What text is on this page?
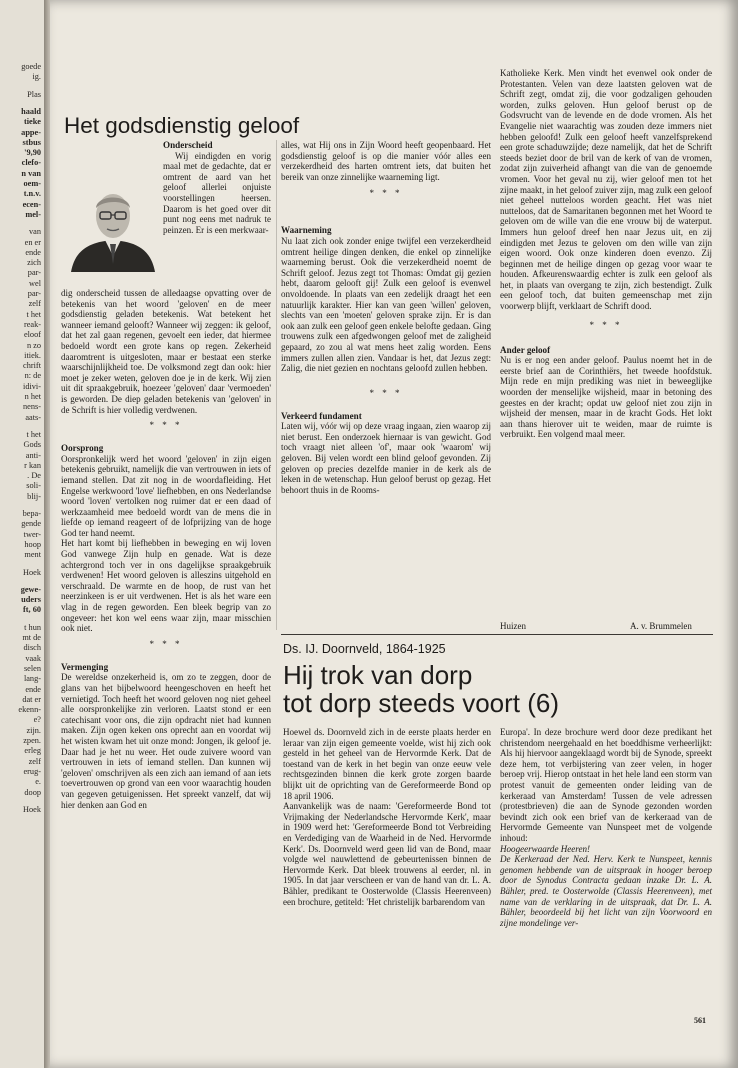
goede
ig.
Plas
haald
tieke
appe-
stbus
'9,90
clefo-
n van
oem-
t.n.v.
ecen-
mel-
van
en er
ende
zich
par-
wel
par-
zelf
t het
reak-
eloof
n zo
itiek.
chrift
n: de
idivi-
n het
nens-
aats-
t het
Gods
anti-
r kan
. De
soli-
blij-
bepa-
gende
twer-
hoop
ment
Hoek
gewe-
uders
ft, 60
t hun
mt de
disch
vaak
selen
lang-
ende
dat er
ekenn-
e?
zijn.
zpen.
erleg
zelf
erug-
e.
doop
Hoek
Het godsdienstig geloof

Onderscheid

Wij eindigden en vorig maal met de gedachte, dat er omtrent de aard van het geloof allerlei onjuiste voorstellingen heersen. Daarom is het goed over dit punt nog eens met nadruk te peinzen. Er is een merkwaar-

dig onderscheid tussen de alledaagse opvatting over de betekenis van het woord 'geloven' en de meer godsdienstig geladen betekenis. Wat betekent het wanneer iemand gelooft? Wanneer wij zeggen: ik geloof, dat het zal gaan regenen, gevoelt een ieder, dat hiermee bedoeld wordt een grote kans op regen. Zekerheid daaromtrent is uitgesloten, maar er bestaat een sterke waarschijnlijkheid toe. De volksmond zegt dan ook: hier moet je zeker weten, geloven doe je in de kerk. Wij zien uit dit spraakgebruik, hoezeer 'geloven' daar 'vermoeden' is geworden. De diep geladen betekenis van 'geloven' in de Schrift is hier volledig verdwenen.

* * *

Oorsprong

Oorspronkelijk werd het woord 'geloven' in zijn eigen betekenis gebruikt, namelijk die van vertrouwen in iets of iemand stellen. Dat zit nog in de woordafleiding. Het Engelse werkwoord 'love' liefhebben, en ons Nederlandse woord 'loven' vertolken nog ruimer dat er een daad of werkzaamheid mee bedoeld wordt van de mens die in liefde op iemand reageert of de lofprijzing van de hoge God ter hand neemt.

Het hart komt bij liefhebben in beweging en wij loven God vanwege Zijn hulp en genade. Wat is deze achtergrond toch ver in ons dagelijkse spraakgebruik verdwenen! Het woord geloven is alleszins uitgehold en verschraald. De warmte en de hoop, de rust van het neerzinkeen is er uit verdwenen. Het is als het ware een vlag in de regen geworden. Een bleek begrip van zo ongeveer: het kon wel eens waar zijn, maar misschien ook niet.

* * *

Vermenging

De wereldse onzekerheid is, om zo te zeggen, door de glans van het bijbelwoord heengeschoven en heeft het vernietigd. Toch heeft het woord geloven nog niet geheel alle oorspronkelijke zin verloren. Laatst stond er een catechisant voor ons, die zijn opdracht niet had kunnen maken. Zijn ogen keken ons oprecht aan en voordat wij het wisten kwam het uit onze mond: Jongen, ik geloof je. Daar had je het nu weer. Het oude zuivere woord van vertrouwen in iets of iemand stellen. Dan kunnen wij 'geloven' omschrijven als een zich aan iemand of aan iets toevertrouwen op grond van een voor waarachtig houden van gegeven getuigenissen. Het spreekt vanzelf, dat wij hier denken aan God en

alles, wat Hij ons in Zijn Woord heeft geopenbaard. Het godsdienstig geloof is op die manier vóór alles een verzekerdheid des harten omtrent iets, dat buiten het bereik van onze zinnelijke waarneming ligt.

* * *

Waarneming

Nu laat zich ook zonder enige twijfel een verzekerdheid omtrent heilige dingen denken, die enkel op zinnelijke waarneming berust. Ook die verzekerdheid noemt de Schrift geloof. Jezus zegt tot Thomas: Omdat gij gezien hebt, daarom gelooft gij! Zulk een geloof is evenwel onvoldoende. In plaats van een zedelijk draagt het een natuurlijk karakter. Hier kan van geen 'willen' geloven, slechts van een 'moeten' geloven sprake zijn. Er is dan ook aan zulk een geloof geen enkele belofte gedaan. Ging trouwens zulk een afgedwongen geloof met de zaligheid gepaard, zo zou al wat mens heet zalig worden. Eens immers zullen allen zien. Vandaar is het, dat Jezus zegt: Zalig, die niet gezien en nochtans geloofd zullen hebben.

* * *

Verkeerd fundament

Laten wij, vóór wij op deze vraag ingaan, zien waarop zij niet berust. Een onderzoek hiernaar is van gewicht. God toch vraagt niet alleen 'of', maar ook 'waarom' wij geloven. Bij velen wordt een blind geloof gevonden. Zij geloven op precies dezelfde manier in de kerk als de leken in de wetenschap. Hun geloof berust op gezag. Het behoort thuis in de Rooms-

Katholieke Kerk. Men vindt het evenwel ook onder de Protestanten. Velen van deze laatsten geloven wat de Schrift zegt, omdat zij, die voor godzaligen gehouden worden, zulks geloven. Hun geloof berust op de Godsvrucht van de levende en de dode vromen. Als het Evangelie niet waarachtig was zouden deze immers niet hebben geloofd! Zulk een geloof heeft vanzelfsprekend een grote schaduwzijde; deze namelijk, dat het de Schrift steeds beziet door de bril van de kerk of van de vromen, zodat zijn zuiverheid afhangt van die van de genoemde vromen. Voor het geval nu zij, wier geloof men tot het zijne maakt, in het geloof zuiver zijn, mag zulk een geloof niet geheel nutteloos worden geacht. Het was niet nutteloos, dat de Samaritanen begonnen met het Woord te geloven om de wille van die ene vrouw bij de waterput. Immers hun geloof dreef hen naar Jezus uit, en zij eindigden met Jezus te geloven om den wille van zijn eigen woord. Ook onze kinderen doen evenzo. Zij beginnen met de heilige dingen op gezag voor waar te houden. Afkeurenswaardig echter is zulk een geloof als het, in plaats van overgang te zijn, zich bestendigt. Zulk een geloof toch, dat buiten gemeenschap met zijn voorwerp blijft, verklaart de Schrift dood.

* * *

Ander geloof

Nu is er nog een ander geloof. Paulus noemt het in de eerste brief aan de Corinthiërs, het tweede hoofdstuk. Mijn rede en mijn prediking was niet in beweeglijke woorden der menselijke wijsheid, maar in betoning des geestes en der kracht; opdat uw geloof niet zou zijn in wijsheid der mensen, maar in de kracht Gods. Het lokt aan thans hierover uit te weiden, maar de ruimte is verbruikt. Een volgend maal meer.

Huizen	A. v. Brummelen
Ds. IJ. Doornveld, 1864-1925
Hij trok van dorp
tot dorp steeds voort (6)

Hoewel ds. Doornveld zich in de eerste plaats herder en leraar van zijn eigen gemeente voelde, wist hij zich ook gesteld in het geheel van de Hervormde Kerk. Dat de toestand van de kerk in het begin van onze eeuw vele rechtsgezinden binnen die kerk grote zorgen baarde blijkt uit de oprichting van de Gereformeerde Bond op 18 april 1906.

Aanvankelijk was de naam: 'Gereformeerde Bond tot Vrijmaking der Nederlandsche Hervormde Kerk', maar in 1909 werd het: 'Gereformeerde Bond tot Verbreiding en Verdediging van de Waarheid in de Ned. Hervormde Kerk'. Ds. Doornveld werd geen lid van de Bond, maar volgde wel nauwlettend de gebeurtenissen binnen de Hervormde Kerk. Dat bleek trouwens al eerder, nl. in 1905. In dat jaar verscheen er van de hand van dr. L. A. Bähler, predikant te Oosterwolde (Classis Heerenveen) een brochure, getiteld: 'Het christelijk barbarendom van

Europa'. In deze brochure werd door deze predikant het christendom neergehaald en het boeddhisme verheerlijkt: Als hij hiervoor aangeklaagd wordt bij de Synode, spreekt deze hem, tot verbijstering van zeer velen, in hoger beroep vrij. Hierop ontstaat in het hele land een storm van protest vanuit de gemeenten onder leiding van de kerkeraad van Amsterdam! Tussen de vele adressen (protestbrieven) die aan de Synode gezonden worden bevindt zich ook een brief van de kerkeraad van de Hervormde Gemeente van Nunspeet met de volgende inhoud:

Hoogeerwaarde Heeren!

De Kerkeraad der Ned. Herv. Kerk te Nunspeet, kennis genomen hebbende van de uitspraak in hooger beroep door de Synodus Contracta gedaan inzake Dr. L. A. Bähler, pred. te Oosterwolde (Classis Heerenveen), met name van de verklaring in de uitspraak, dat Dr. L. A. Bähler, beoordeeld bij het licht van zijn Voorwoord en zijne mondelinge ver-

561
